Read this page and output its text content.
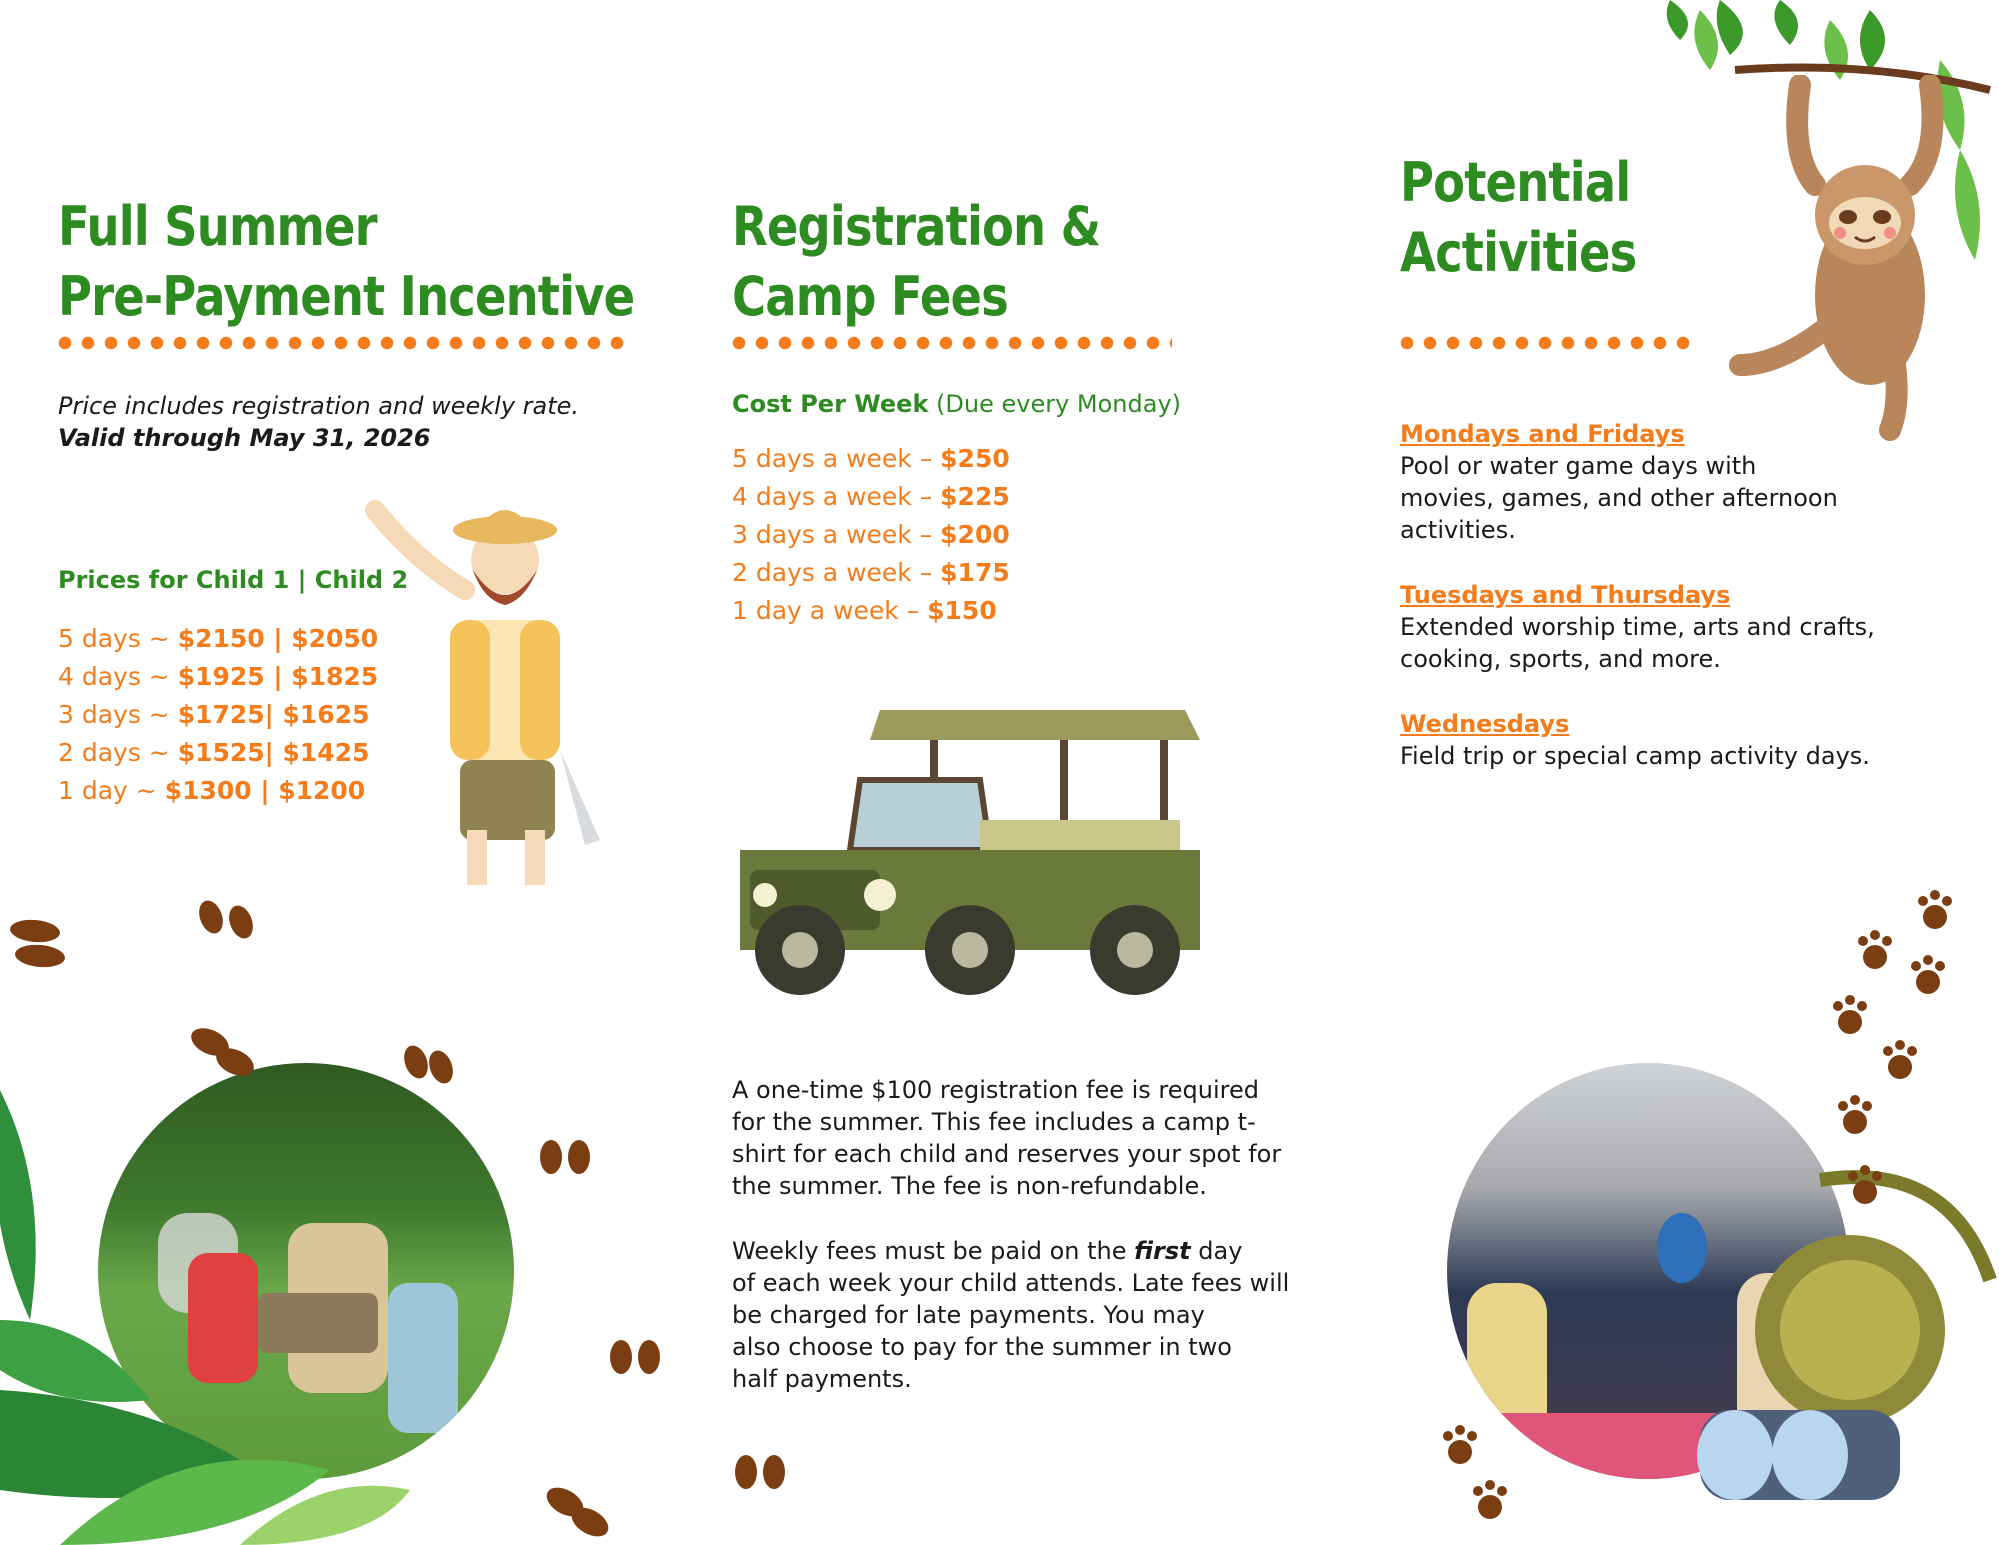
Full Summer
Pre-Payment Incentive

Price includes registration and weekly rate.
Valid through May 31, 2026

Prices for Child 1 | Child 2

5 days ~ $2150 | $2050
4 days ~ $1925 | $1825
3 days ~ $1725| $1625
2 days ~ $1525| $1425
1 day ~ $1300 | $1200
Registration &
Camp Fees

Cost Per Week (Due every Monday)

5 days a week – $250
4 days a week – $225
3 days a week – $200
2 days a week – $175
1 day a week – $150

A one-time $100 registration fee is required
for the summer. This fee includes a camp t-
shirt for each child and reserves your spot for
the summer. The fee is non-refundable.

Weekly fees must be paid on the first day
of each week your child attends. Late fees will
be charged for late payments. You may
also choose to pay for the summer in two
half payments.

Potential
Activities
Mondays and Fridays
Pool or water game days with
movies, games, and other afternoon
activities.
Tuesdays and Thursdays
Extended worship time, arts and crafts,
cooking, sports, and more.
Wednesdays
Field trip or special camp activity days.
